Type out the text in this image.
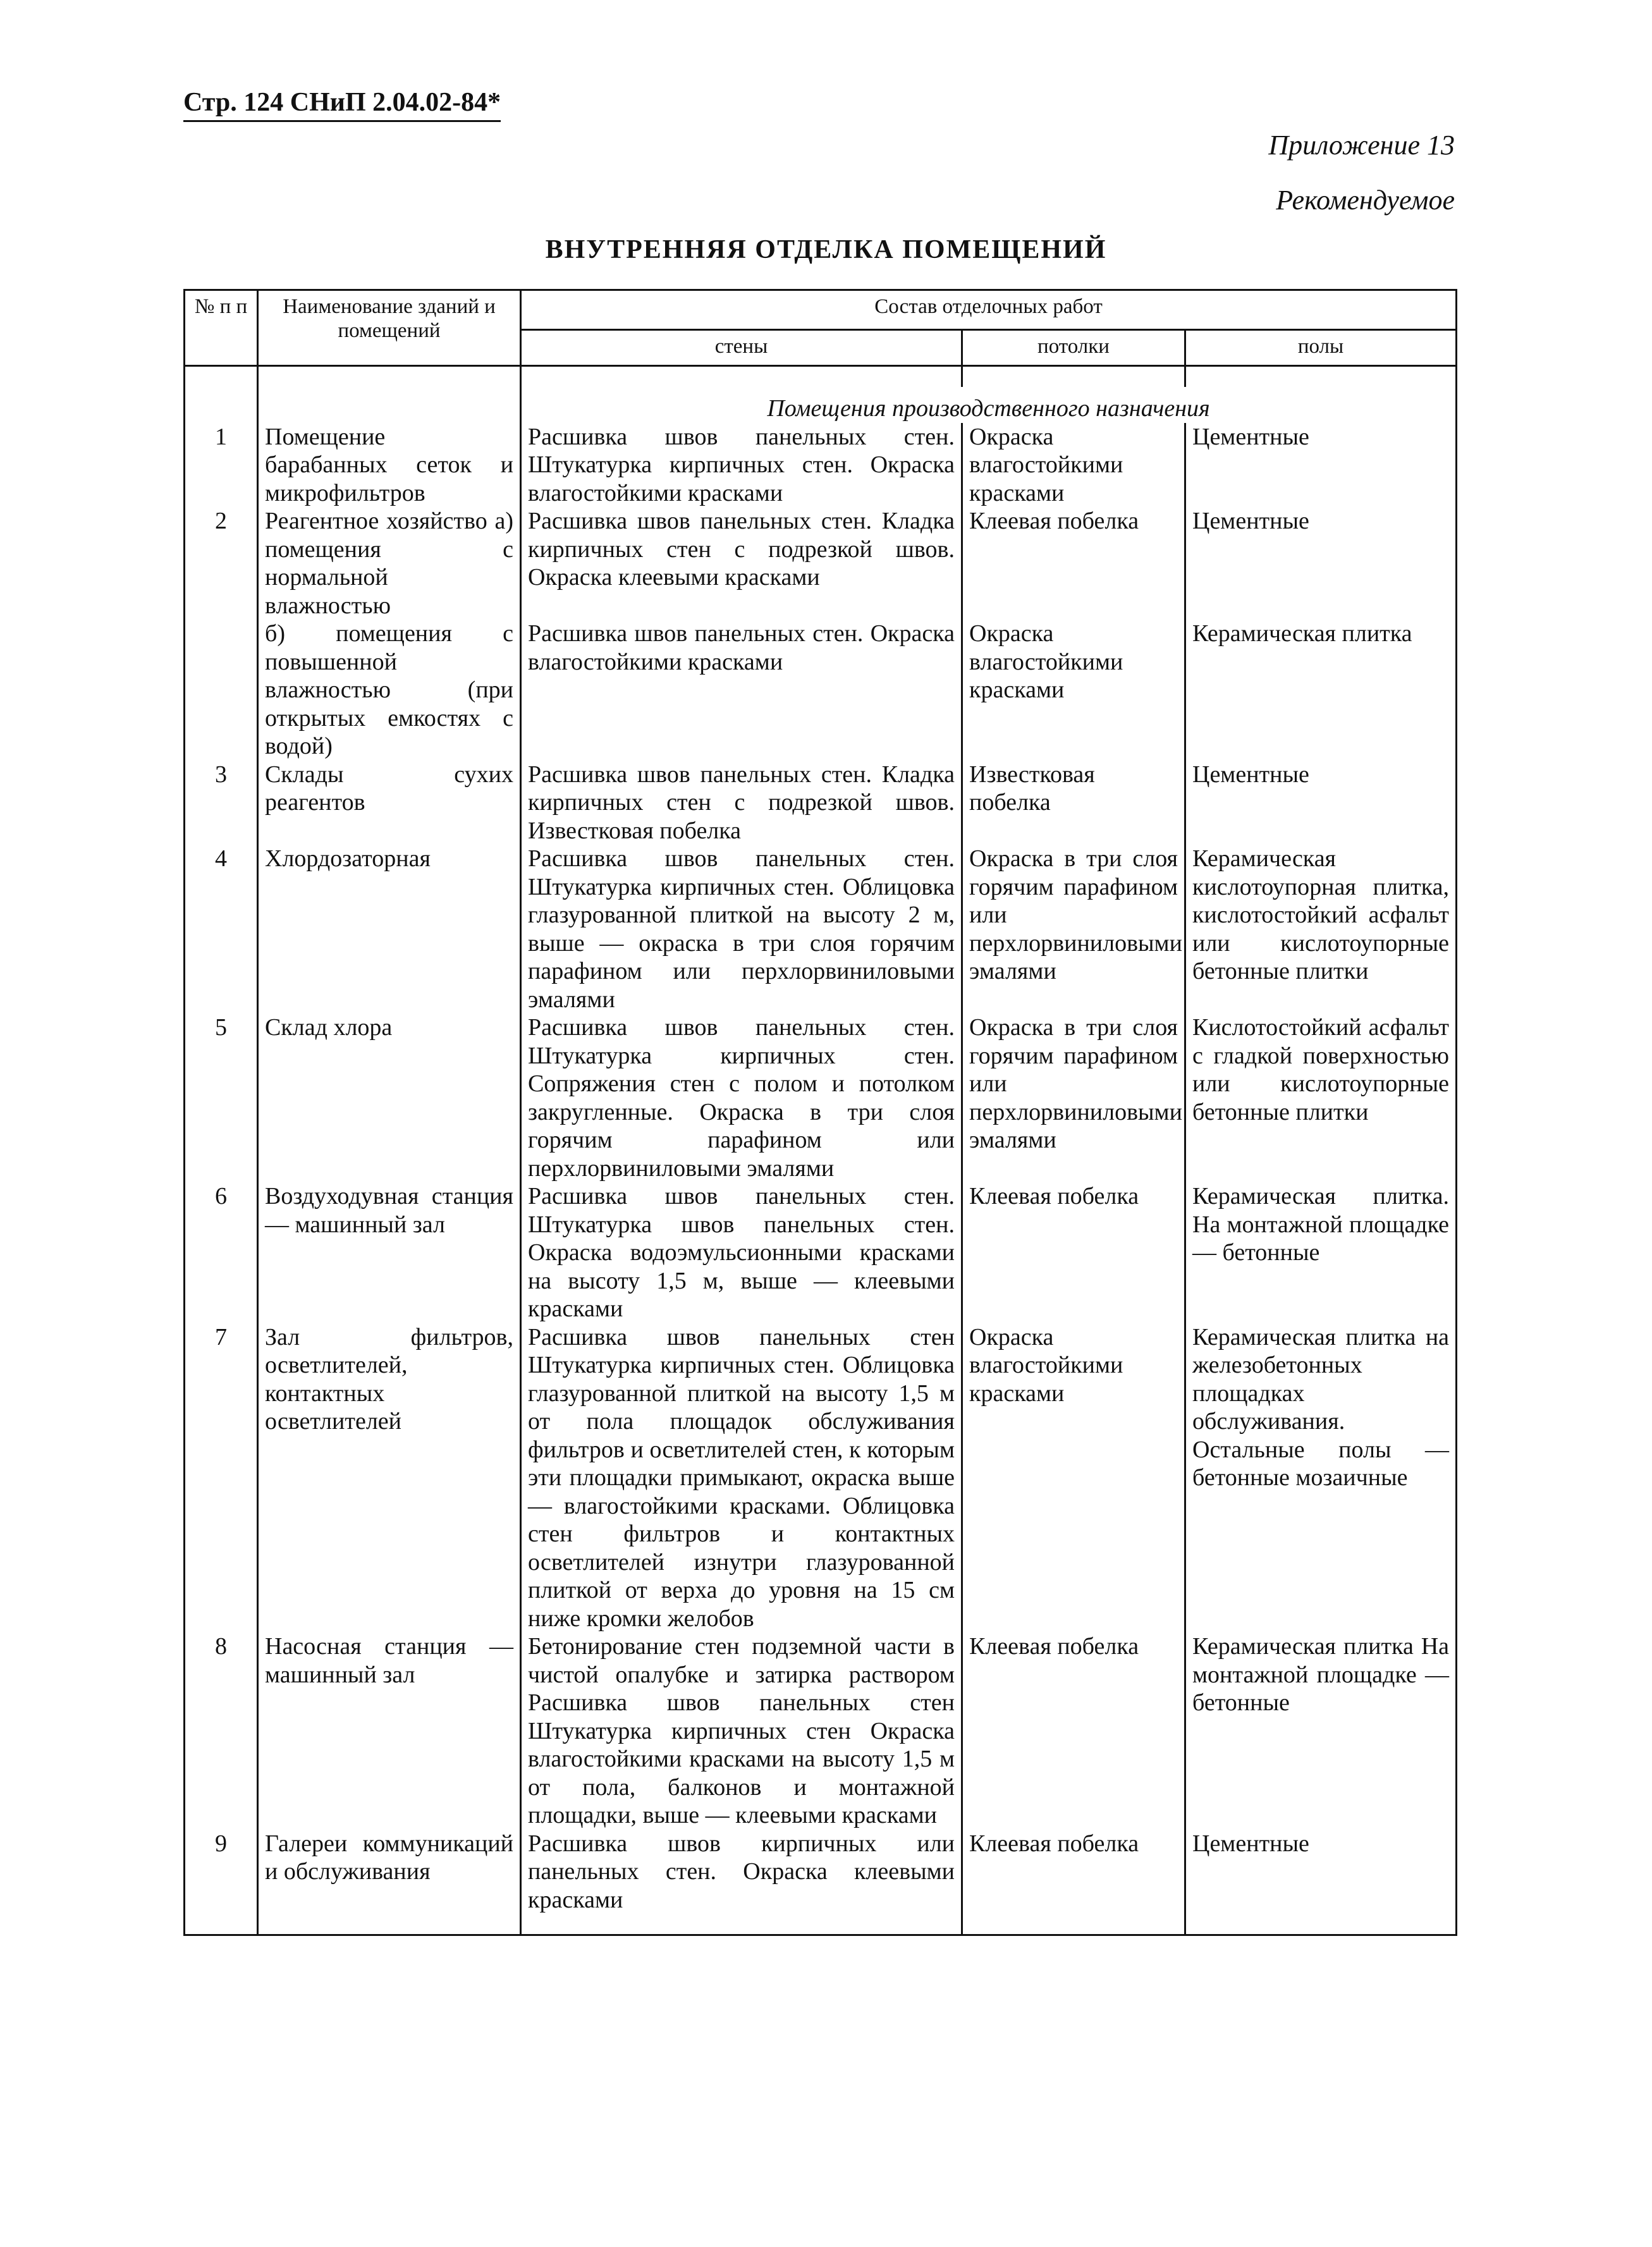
Стр. 124 СНиП 2.04.02-84*
Приложение 13
Рекомендуемое
ВНУТРЕННЯЯ ОТДЕЛКА ПОМЕЩЕНИЙ
№ п п	Наименование зданий и помещений	Состав отделочных работ		
		стены	потолки	полы

		Помещения производственного назначения		
1	Помещение барабанных сеток и микрофильтров	Расшивка швов панельных стен. Штукатурка кирпичных стен. Окраска влагостойкими красками	Окраска влагостойкими красками	Цементные
2	Реагентное хозяйство а) помещения с нормальной влажностью	Расшивка швов панельных стен. Кладка кирпичных стен с подрезкой швов. Окраска клеевыми красками	Клеевая побелка	Цементные
	б) помещения с повышенной влажностью (при открытых емкостях с водой)	Расшивка швов панельных стен. Окраска влагостойкими красками	Окраска влагостойкими красками	Керамическая плитка
3	Склады сухих реагентов	Расшивка швов панельных стен. Кладка кирпичных стен с подрезкой швов. Известковая побелка	Известковая побелка	Цементные
4	Хлордозаторная	Расшивка швов панельных стен. Штукатурка кирпичных стен. Облицовка глазурованной плиткой на высоту 2 м, выше — окраска в три слоя горячим парафином или перхлорвиниловыми эмалями	Окраска в три слоя горячим парафином или перхлорвиниловыми эмалями	Керамическая кислотоупорная плитка, кислотостойкий асфальт или кислотоупорные бетонные плитки
5	Склад хлора	Расшивка швов панельных стен. Штукатурка кирпичных стен. Сопряжения стен с полом и потолком закругленные. Окраска в три слоя горячим парафином или перхлорвиниловыми эмалями	Окраска в три слоя горячим парафином или перхлорвиниловыми эмалями	Кислотостойкий асфальт с гладкой поверхностью или кислотоупорные бетонные плитки
6	Воздуходувная станция — машинный зал	Расшивка швов панельных стен. Штукатурка швов панельных стен. Окраска водоэмульсионными красками на высоту 1,5 м, выше — клеевыми красками	Клеевая побелка	Керамическая плитка. На монтажной площадке — бетонные
7	Зал фильтров, осветлителей, контактных осветлителей	Расшивка швов панельных стен Штукатурка кирпичных стен. Облицовка глазурованной плиткой на высоту 1,5 м от пола площадок обслуживания фильтров и осветлителей стен, к которым эти площадки примыкают, окраска выше — влагостойкими красками. Облицовка стен фильтров и контактных осветлителей изнутри глазурованной плиткой от верха до уровня на 15 см ниже кромки желобов	Окраска влагостойкими красками	Керамическая плитка на железобетонных площадках обслуживания. Остальные полы — бетонные мозаичные
8	Насосная станция — машинный зал	Бетонирование стен подземной части в чистой опалубке и затирка раствором Расшивка швов панельных стен Штукатурка кирпичных стен Окраска влагостойкими красками на высоту 1,5 м от пола, балконов и монтажной площадки, выше — клеевыми красками	Клеевая побелка	Керамическая плитка На монтажной площадке — бетонные
9	Галереи коммуникаций и обслуживания	Расшивка швов кирпичных или панельных стен. Окраска клеевыми красками	Клеевая побелка	Цементные
